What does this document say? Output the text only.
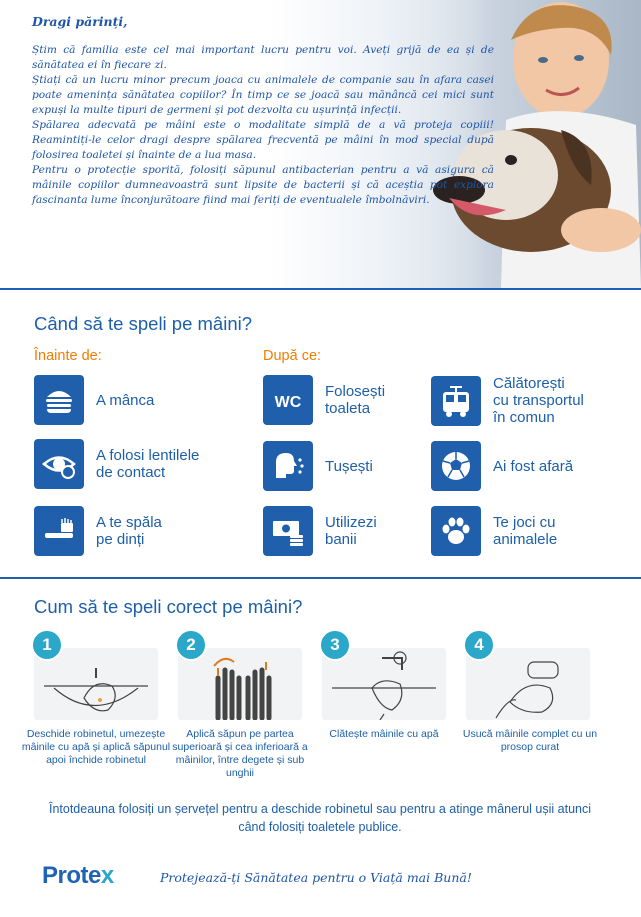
Dragi părinți,

Știm că familia este cel mai important lucru pentru voi. Aveți grijă de ea și de sănătatea ei în fiecare zi.

Știați că un lucru minor precum joaca cu animalele de companie sau în afara casei poate amenința sănătatea copiilor? În timp ce se joacă sau mănâncă cei mici sunt expuși la multe tipuri de germeni și pot dezvolta cu ușurință infecții.

Spălarea adecvată pe mâini este o modalitate simplă de a vă proteja copiii! Reamintiți-le celor dragi despre spălarea frecventă pe mâini în mod special după folosirea toaletei și înainte de a lua masa.

Pentru o protecție sporită, folosiți săpunul antibacterian pentru a vă asigura că mâinile copiilor dumneavoastră sunt lipsite de bacterii și că aceștia pot explora fascinanta lume înconjurătoare fiind mai feriți de eventualele îmbolnăviri.

Când să te speli pe mâini?
Înainte de:	După ce:
A mânca
A folosi lentilele
de contact
A te spăla
pe dinți
WC
Folosești
toaleta
Tușești
Utilizezi
banii
Călătorești
cu transportul
în comun
Ai fost afară
Te joci cu
animalele
Cum să te speli corect pe mâini?
1	2	3	4
Deschide robinetul, umezește mâinile cu apă și aplică săpunul apoi închide robinetul
Aplică săpun pe partea superioară și cea inferioară a mâinilor, între degete și sub unghii
Clătește mâinile cu apă	Usucă mâinile complet cu un prosop curat
Întotdeauna folosiți un șervețel pentru a deschide robinetul sau pentru a atinge mânerul ușii atunci când folosiți toaletele publice.
Protex	Protejează-ți Sănătatea pentru o Viață mai Bună!
